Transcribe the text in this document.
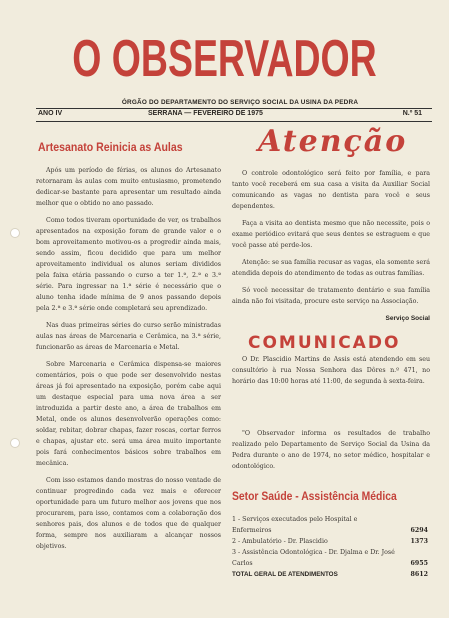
O OBSERVADOR
ÓRGÃO DO DEPARTAMENTO DO SERVIÇO SOCIAL DA USINA DA PEDRA
ANO IV	SERRANA — FEVEREIRO DE 1975	N.º 51
Artesanato Reinicia as Aulas

Após um período de férias, os alunos do Artesanato retornaram às aulas com muito entusiasmo, prometendo dedicar-se bastante para apresentar um resultado ainda melhor que o obtido no ano passado.

Como todos tiveram oportunidade de ver, os trabalhos apresentados na exposição foram de grande valor e o bom aproveitamento motivou-os a progredir ainda mais, sendo assim, ficou decidido que para um melhor aproveitamento individual os alunos seriam divididos pela faixa etária passando o curso a ter 1.ª, 2.ª e 3.ª série. Para ingressar na 1.ª série é necessário que o aluno tenha idade mínima de 9 anos passando depois pela 2.ª e 3.ª série onde completará seu aprendizado.

Nas duas primeiras séries do curso serão ministradas aulas nas áreas de Marcenaria e Cerâmica, na 3.ª série, funcionarão as áreas de Marcenaria e Metal.

Sobre Marcenaria e Cerâmica dispensa-se maiores comentários, pois o que pode ser desenvolvido nestas áreas já foi apresentado na exposição, porém cabe aqui um destaque especial para uma nova área a ser introduzida a partir deste ano, a área de trabalhos em Metal, onde os alunos desenvolverão operações como: soldar, rebitar, dobrar chapas, fazer roscas, cortar ferros e chapas, ajustar etc. será uma área muito importante pois fará conhecimentos básicos sobre trabalhos em mecânica.

Com isso estamos dando mostras do nosso ventade de continuar progredindo cada vez mais e oferecer oportunidade para um futuro melhor aos jovens que nos procurarem, para isso, contamos com a colaboração dos senhores pais, dos alunos e de todos que de qualquer forma, sempre nos auxiliaram a alcançar nossos objetivos.

Atenção

O controle odontológico será feito por família, e para tanto você receberá em sua casa a visita da Auxiliar Social comunicando as vagas no dentista para você e seus dependentes.

Faça a visita ao dentista mesmo que não necessite, pois o exame periódico evitará que seus dentes se estraguem e que você passe até perde-los.

Atenção: se sua família recusar as vagas, ela somente será atendida depois do atendimento de todas as outras famílias.

Só você necessitar de tratamento dentário e sua família ainda não foi visitada, procure este serviço na Associação.

Serviço Social
COMUNICADO

O Dr. Plascidio Martins de Assis está atendendo em seu consultório à rua Nossa Senhora das Dôres n.º 471, no horário das 10:00 horas até 11:00, de segunda à sexta-feira.

"O Observador informa os resultados de trabalho realizado pelo Departamento de Serviço Social da Usina da Pedra durante o ano de 1974, no setor médico, hospitalar e odontológico.

Setor Saúde - Assistência Médica
1 - Serviços executados pelo Hospital e Enfermeiros	6294
2 - Ambulatório - Dr. Plascidio	1373
3 - Assistência Odontológica - Dr. Djalma e Dr. José Carlos	6955
TOTAL GERAL DE ATENDIMENTOS	8612
